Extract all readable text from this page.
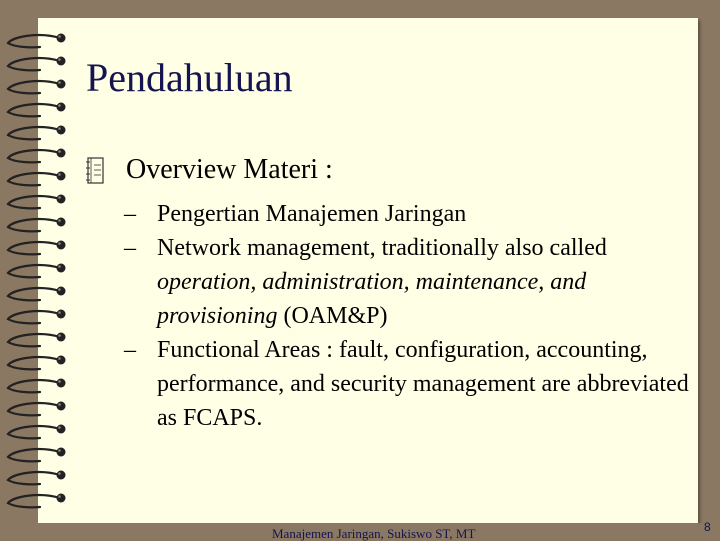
Pendahuluan
Overview Materi :
– Pengertian Manajemen Jaringan
– Network management, traditionally also called operation, administration, maintenance, and provisioning (OAM&P)
– Functional Areas : fault, configuration, accounting, performance, and security management are abbreviated as FCAPS.
Manajemen Jaringan, Sukiswo ST, MT	8
